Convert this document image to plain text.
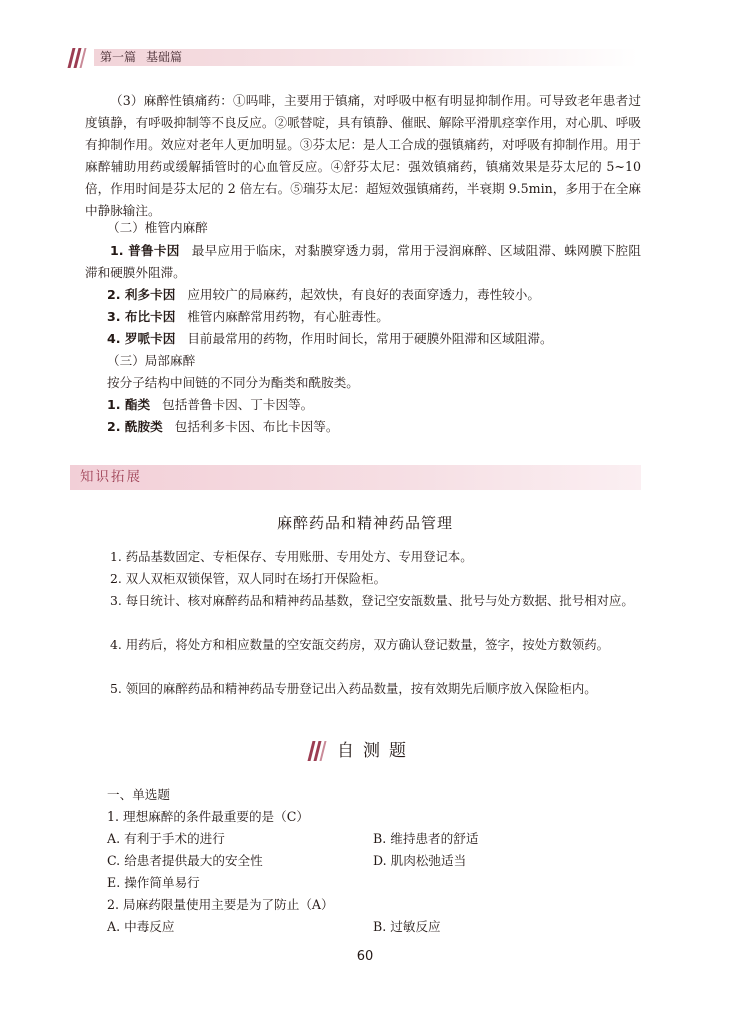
第一篇 基础篇

（3）麻醉性镇痛药：①吗啡，主要用于镇痛，对呼吸中枢有明显抑制作用。可导致老年患者过度镇静，有呼吸抑制等不良反应。②哌替啶，具有镇静、催眠、解除平滑肌痉挛作用，对心肌、呼吸有抑制作用。效应对老年人更加明显。③芬太尼：是人工合成的强镇痛药，对呼吸有抑制作用。用于麻醉辅助用药或缓解插管时的心血管反应。④舒芬太尼：强效镇痛药，镇痛效果是芬太尼的 5~10 倍，作用时间是芬太尼的 2 倍左右。⑤瑞芬太尼：超短效强镇痛药，半衰期 9.5min，多用于在全麻中静脉输注。

（二）椎管内麻醉

1. 普鲁卡因 最早应用于临床，对黏膜穿透力弱，常用于浸润麻醉、区域阻滞、蛛网膜下腔阻滞和硬膜外阻滞。

2. 利多卡因 应用较广的局麻药，起效快，有良好的表面穿透力，毒性较小。
3. 布比卡因 椎管内麻醉常用药物，有心脏毒性。
4. 罗哌卡因 目前最常用的药物，作用时间长，常用于硬膜外阻滞和区域阻滞。
（三）局部麻醉
按分子结构中间链的不同分为酯类和酰胺类。
1. 酯类 包括普鲁卡因、丁卡因等。
2. 酰胺类 包括利多卡因、布比卡因等。
知识拓展
麻醉药品和精神药品管理

1. 药品基数固定、专柜保存、专用账册、专用处方、专用登记本。

2. 双人双柜双锁保管，双人同时在场打开保险柜。

3. 每日统计、核对麻醉药品和精神药品基数，登记空安瓿数量、批号与处方数据、批号相对应。

4. 用药后，将处方和相应数量的空安瓿交药房，双方确认登记数量，签字，按处方数领药。

5. 领回的麻醉药品和精神药品专册登记出入药品数量，按有效期先后顺序放入保险柜内。

自测题
一、单选题
1. 理想麻醉的条件最重要的是（C）
A. 有利于手术的进行	B. 维持患者的舒适
C. 给患者提供最大的安全性	D. 肌肉松弛适当
E. 操作简单易行
2. 局麻药限量使用主要是为了防止（A）
A. 中毒反应	B. 过敏反应
60
